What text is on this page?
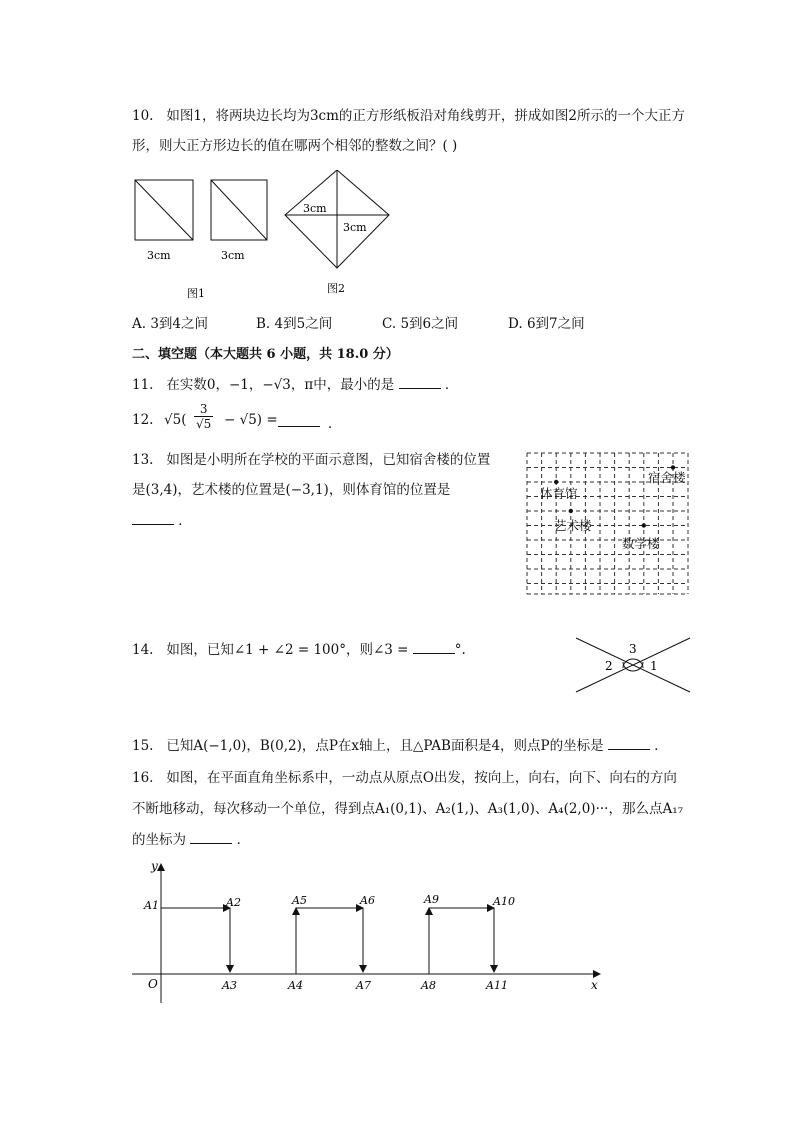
10. 如图1，将两块边长均为3cm的正方形纸板沿对角线剪开，拼成如图2所示的一个大正方
形，则大正方形边长的值在哪两个相邻的整数之间？( )
3cm	3cm
图1
3cm
3cm
图2
A. 3到4之间	B. 4到5之间	C. 5到6之间	D. 6到7之间
二、填空题（本大题共 6 小题，共 18.0 分）
11. 在实数0，−1，−√3，π中，最小的是	．
12. $√5( \frac{3}{√5} - √5)$ =	．
13. 如图是小明所在学校的平面示意图，已知宿舍楼的位置
是(3,4)，艺术楼的位置是(−3,1)，则体育馆的位置是
．
宿舍楼
体育馆
艺术楼
数学楼
14. 如图，已知∠1 + ∠2 = 100°，则∠3 =	°.
1
2
3
15. 已知A(−1,0)，B(0,2)，点P在x轴上，且△PAB面积是4，则点P的坐标是	．
16. 如图，在平面直角坐标系中，一动点从原点O出发，按向上，向右，向下、向右的方向
不断地移动，每次移动一个单位，得到点A₁(0,1)、A₂(1,)、A₃(1,0)、A₄(2,0)···，那么点A₁₇
的坐标为	．
x
y
O
A1	A2
A3	A4
A5	A6
A7	A8
A9	A10
A11
